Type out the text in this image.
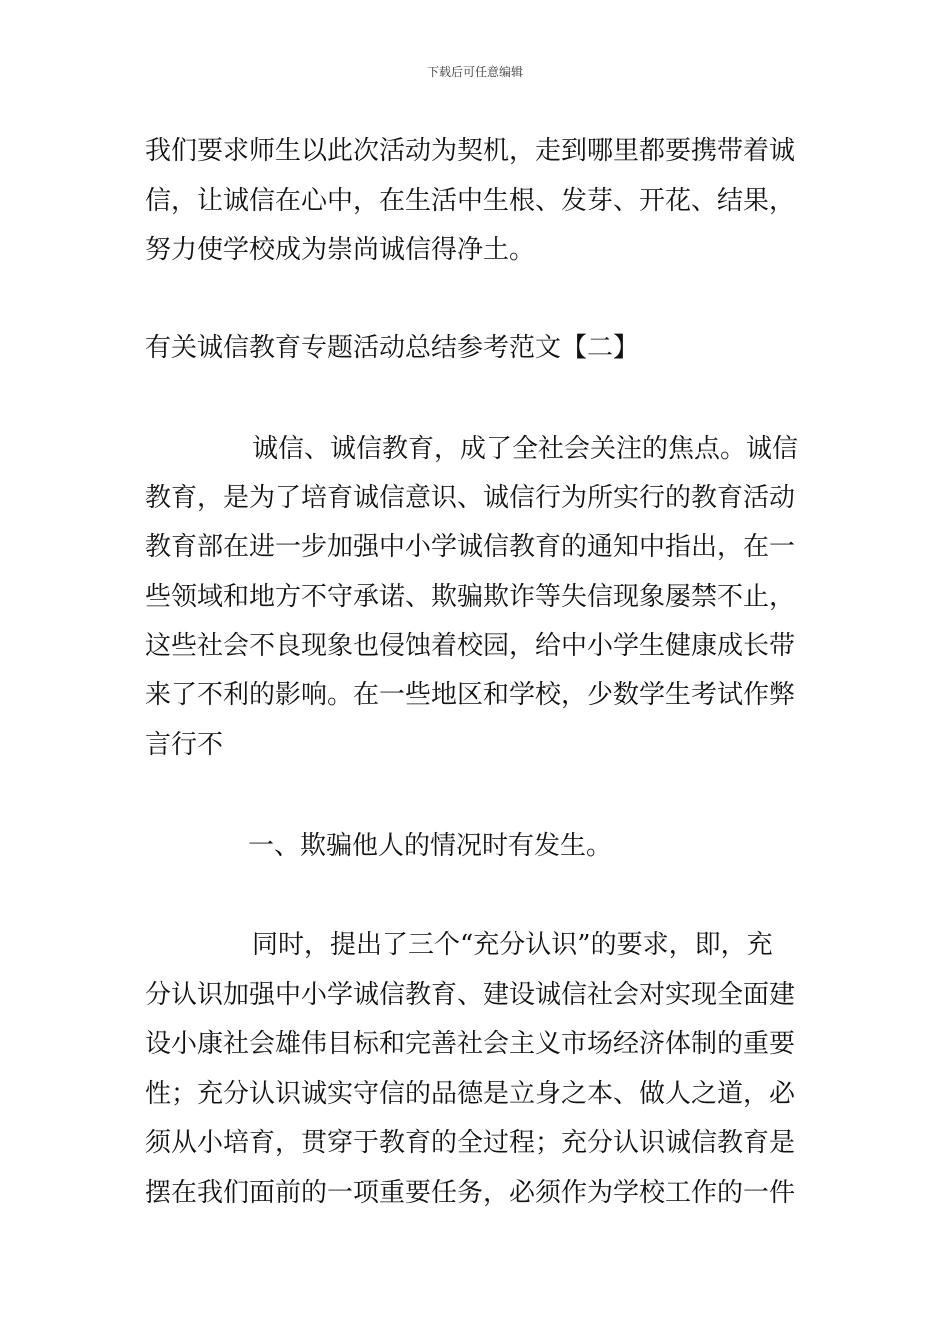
下载后可任意编辑
我们要求师生以此次活动为契机，走到哪里都要携带着诚
信，让诚信在心中，在生活中生根、发芽、开花、结果，
努力使学校成为崇尚诚信得净土。
有关诚信教育专题活动总结参考范文【二】
诚信、诚信教育，成了全社会关注的焦点。诚信
教育，是为了培育诚信意识、诚信行为所实行的教育活动
教育部在进一步加强中小学诚信教育的通知中指出，在一
些领域和地方不守承诺、欺骗欺诈等失信现象屡禁不止，
这些社会不良现象也侵蚀着校园，给中小学生健康成长带
来了不利的影响。在一些地区和学校，少数学生考试作弊
言行不
一、欺骗他人的情况时有发生。
同时，提出了三个“充分认识”的要求，即，充
分认识加强中小学诚信教育、建设诚信社会对实现全面建
设小康社会雄伟目标和完善社会主义市场经济体制的重要
性；充分认识诚实守信的品德是立身之本、做人之道，必
须从小培育，贯穿于教育的全过程；充分认识诚信教育是
摆在我们面前的一项重要任务，必须作为学校工作的一件
